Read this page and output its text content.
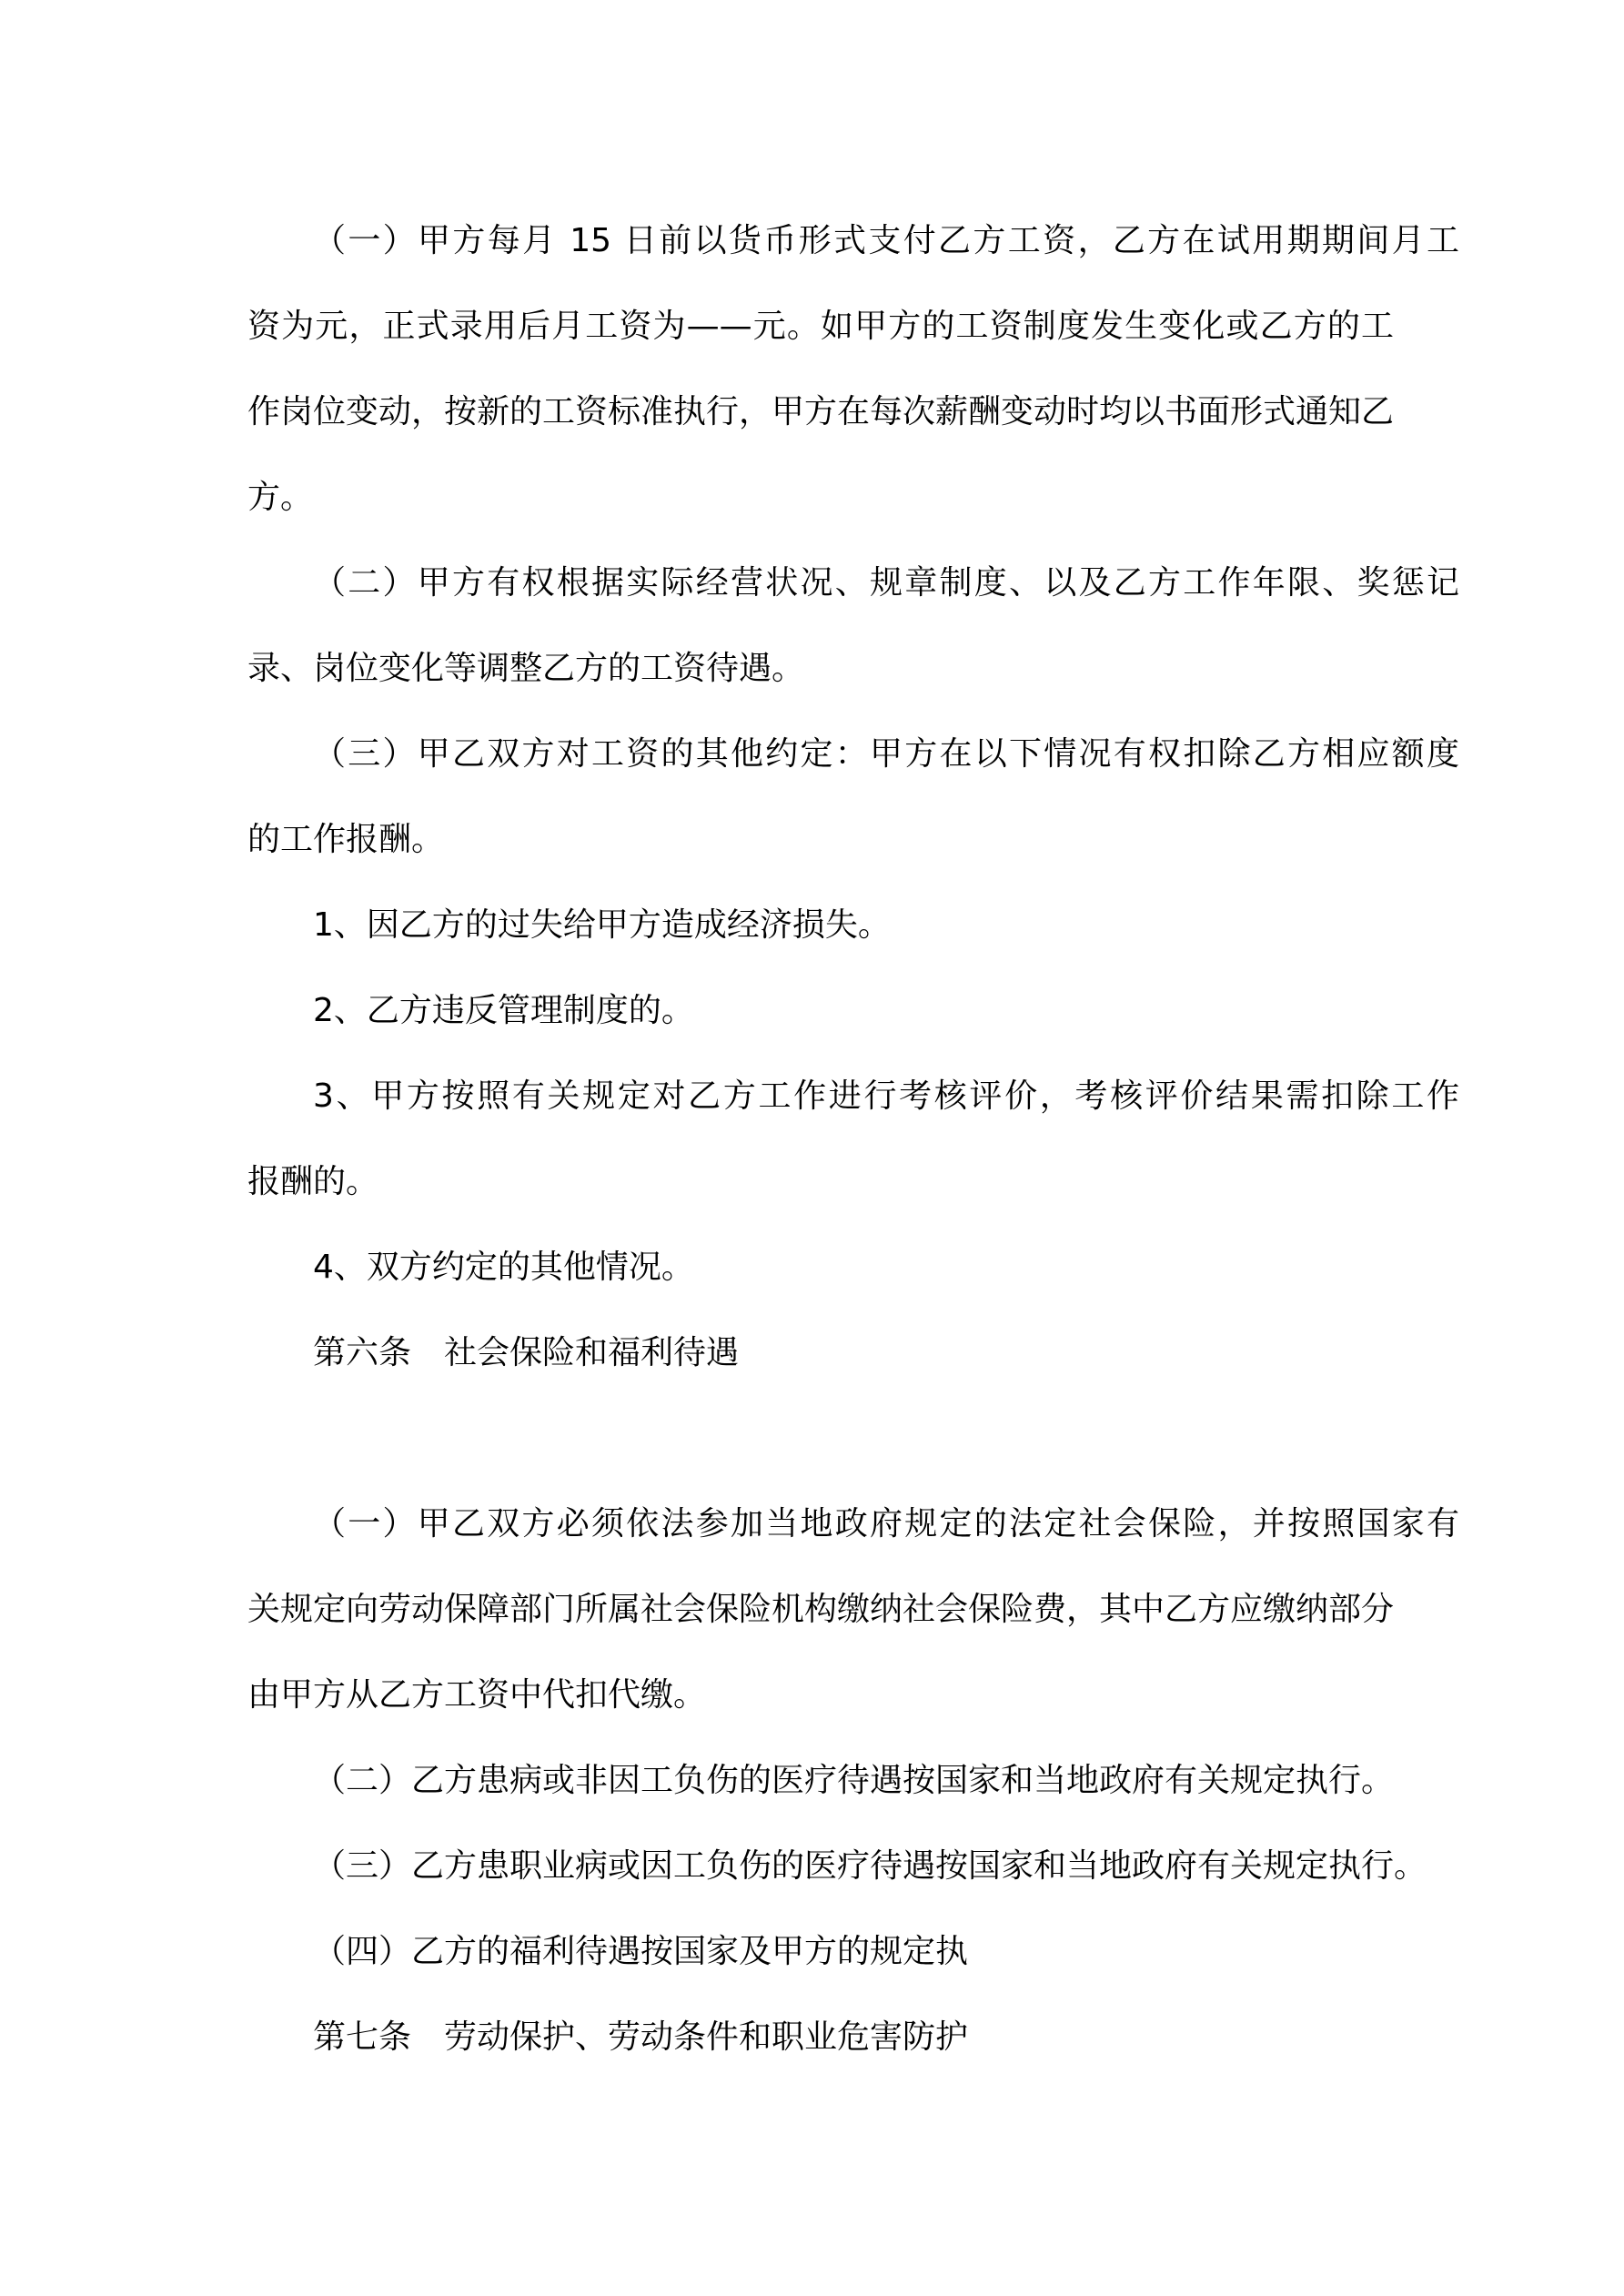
（一）甲方每月 15 日前以货币形式支付乙方工资，乙方在试用期期间月工
资为元，正式录用后月工资为——元。如甲方的工资制度发生变化或乙方的工
作岗位变动，按新的工资标准执行，甲方在每次薪酬变动时均以书面形式通知乙
方。
（二）甲方有权根据实际经营状况、规章制度、以及乙方工作年限、奖惩记
录、岗位变化等调整乙方的工资待遇。
（三）甲乙双方对工资的其他约定：甲方在以下情况有权扣除乙方相应额度
的工作报酬。
1、因乙方的过失给甲方造成经济损失。
2、乙方违反管理制度的。
3、甲方按照有关规定对乙方工作进行考核评价，考核评价结果需扣除工作
报酬的。
4、双方约定的其他情况。
第六条　社会保险和福利待遇
（一）甲乙双方必须依法参加当地政府规定的法定社会保险，并按照国家有
关规定向劳动保障部门所属社会保险机构缴纳社会保险费，其中乙方应缴纳部分
由甲方从乙方工资中代扣代缴。
（二）乙方患病或非因工负伤的医疗待遇按国家和当地政府有关规定执行。
（三）乙方患职业病或因工负伤的医疗待遇按国家和当地政府有关规定执行。
（四）乙方的福利待遇按国家及甲方的规定执
第七条　劳动保护、劳动条件和职业危害防护
